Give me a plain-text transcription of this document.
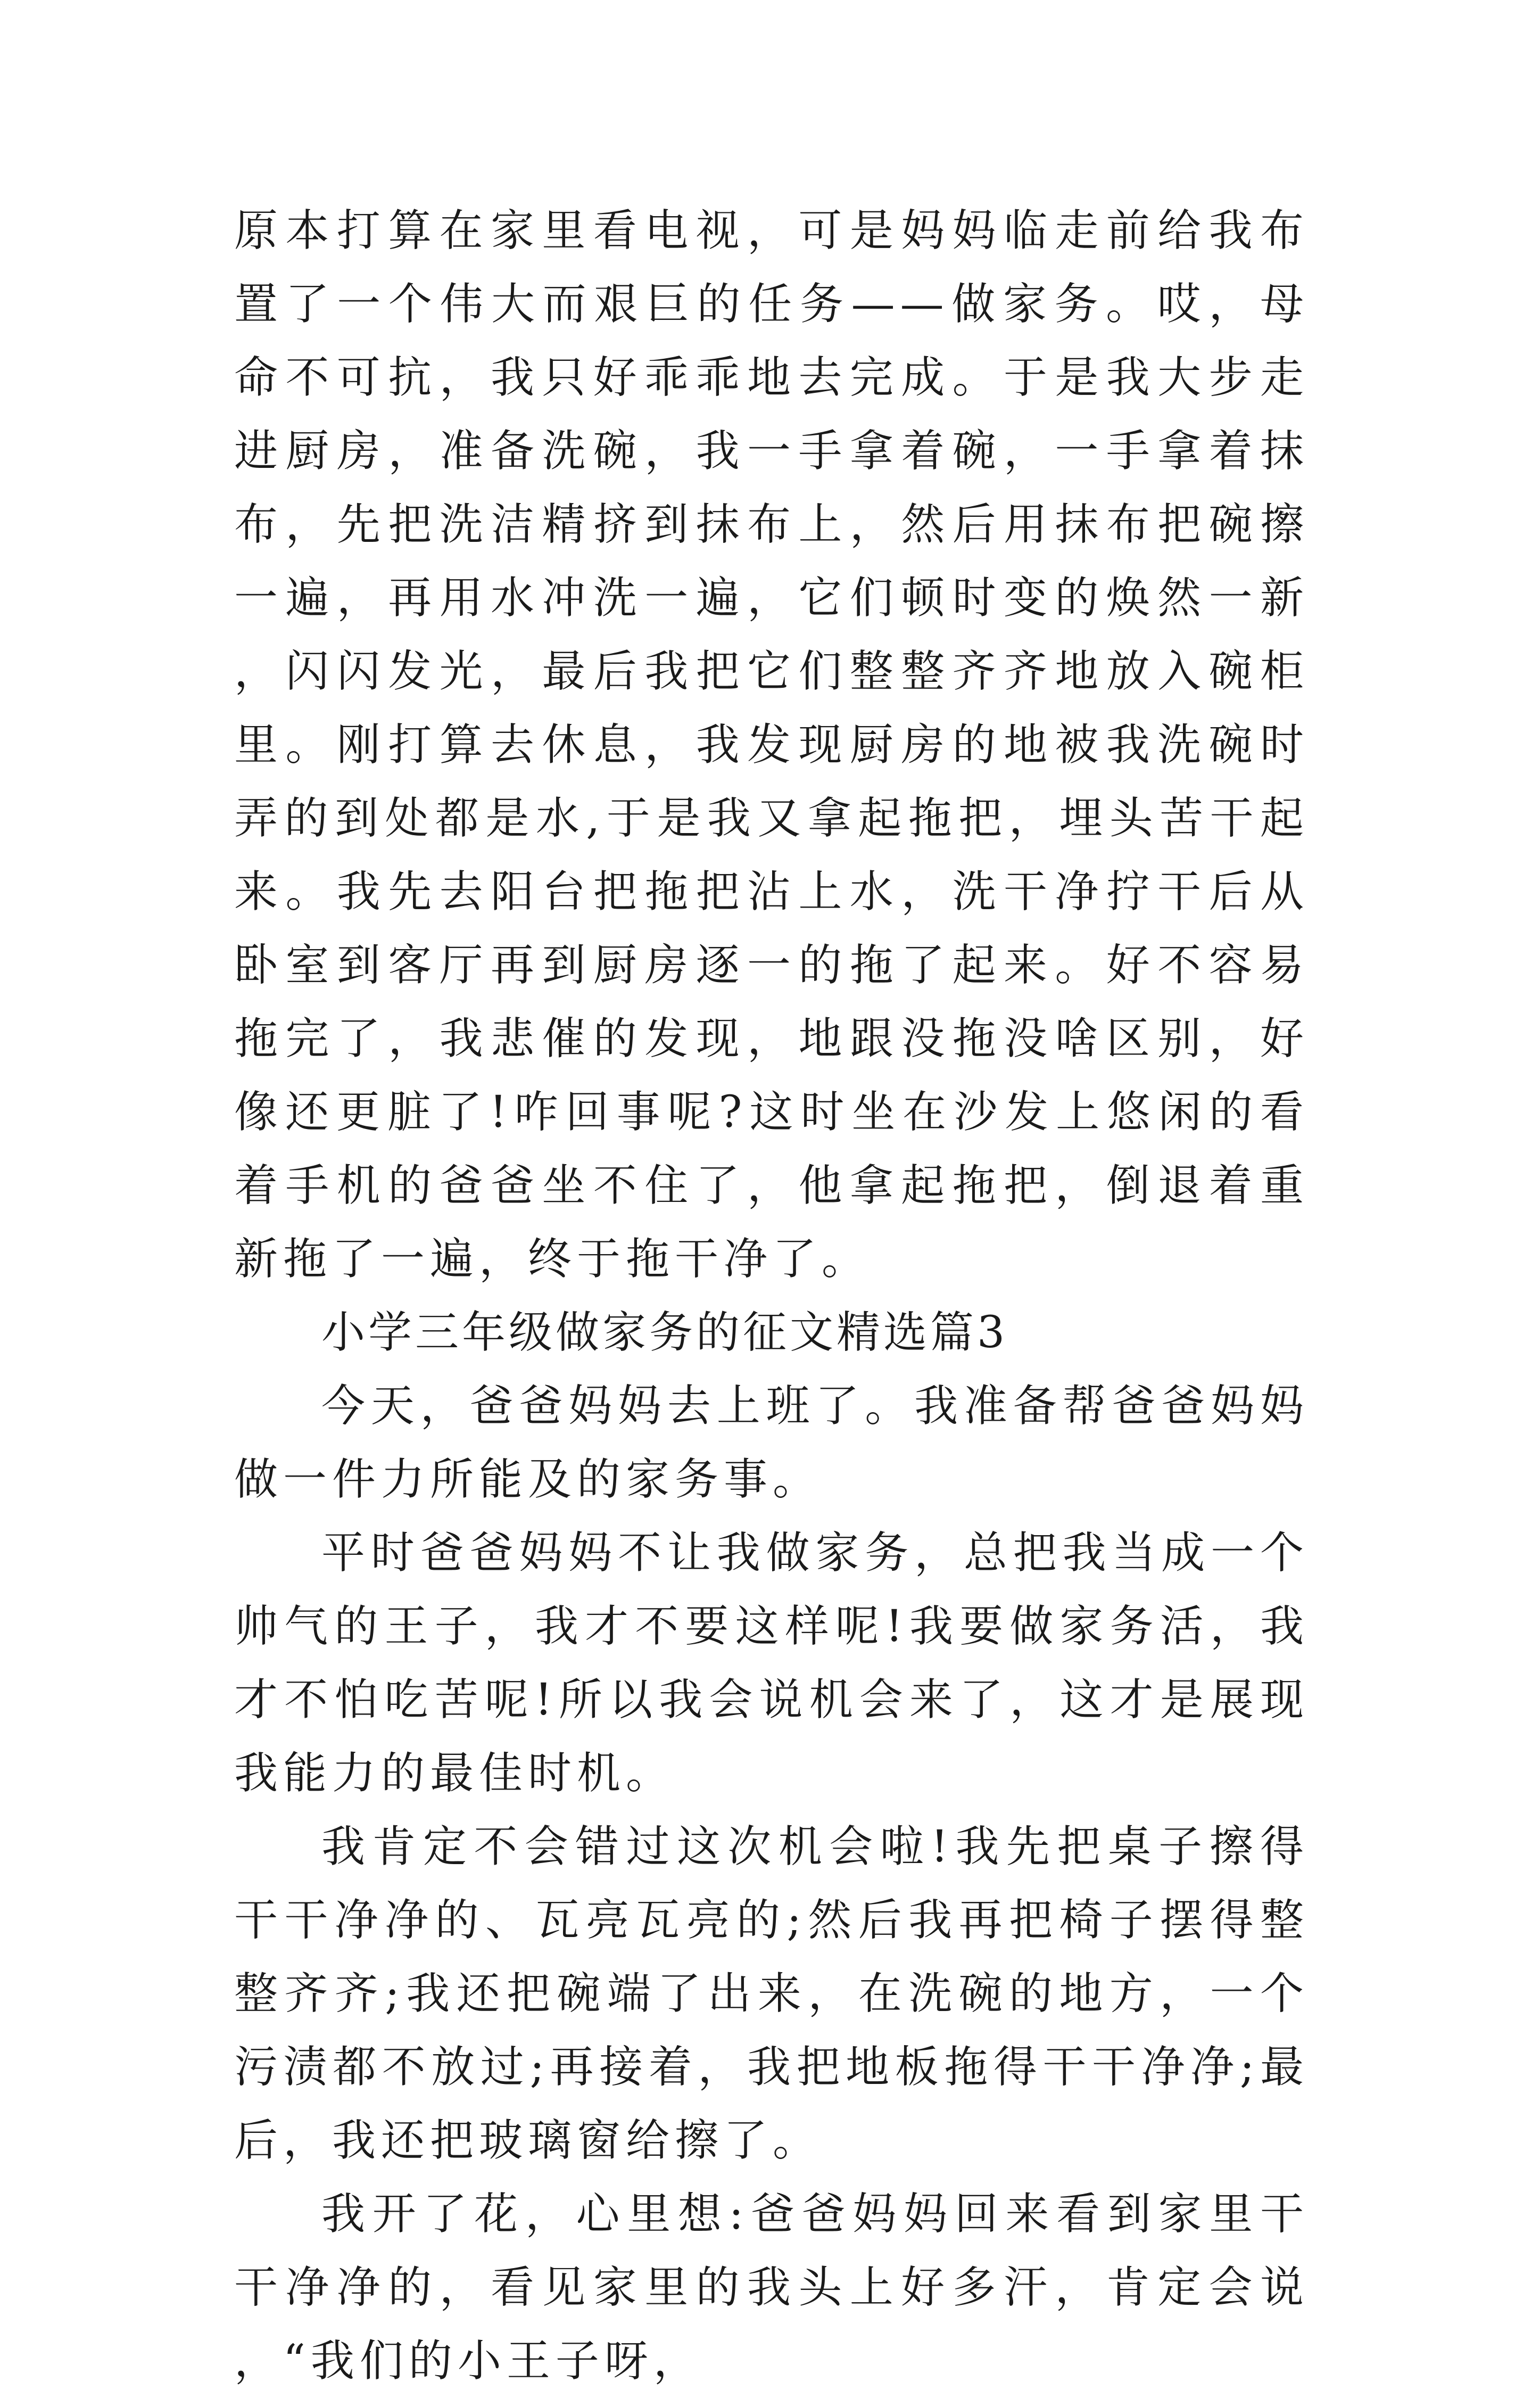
原本打算在家里看电视，可是妈妈临走前给我布置了一个伟大而艰巨的任务——做家务。哎，母命不可抗，我只好乖乖地去完成。于是我大步走进厨房，准备洗碗，我一手拿着碗，一手拿着抹布，先把洗洁精挤到抹布上，然后用抹布把碗擦一遍，再用水冲洗一遍，它们顿时变的焕然一新，闪闪发光，最后我把它们整整齐齐地放入碗柜里。刚打算去休息，我发现厨房的地被我洗碗时弄的到处都是水,于是我又拿起拖把，埋头苦干起来。我先去阳台把拖把沾上水，洗干净拧干后从卧室到客厅再到厨房逐一的拖了起来。好不容易拖完了，我悲催的发现，地跟没拖没啥区别，好像还更脏了!咋回事呢?这时坐在沙发上悠闲的看着手机的爸爸坐不住了，他拿起拖把，倒退着重新拖了一遍，终于拖干净了。

小学三年级做家务的征文精选篇3

今天，爸爸妈妈去上班了。我准备帮爸爸妈妈做一件力所能及的家务事。

平时爸爸妈妈不让我做家务，总把我当成一个帅气的王子，我才不要这样呢!我要做家务活，我才不怕吃苦呢!所以我会说机会来了，这才是展现我能力的最佳时机。

我肯定不会错过这次机会啦!我先把桌子擦得干干净净的、瓦亮瓦亮的;然后我再把椅子摆得整整齐齐;我还把碗端了出来，在洗碗的地方，一个污渍都不放过;再接着，我把地板拖得干干净净;最后，我还把玻璃窗给擦了。

我开了花，心里想:爸爸妈妈回来看到家里干干净净的，看见家里的我头上好多汗，肯定会说，“我们的小王子呀，
